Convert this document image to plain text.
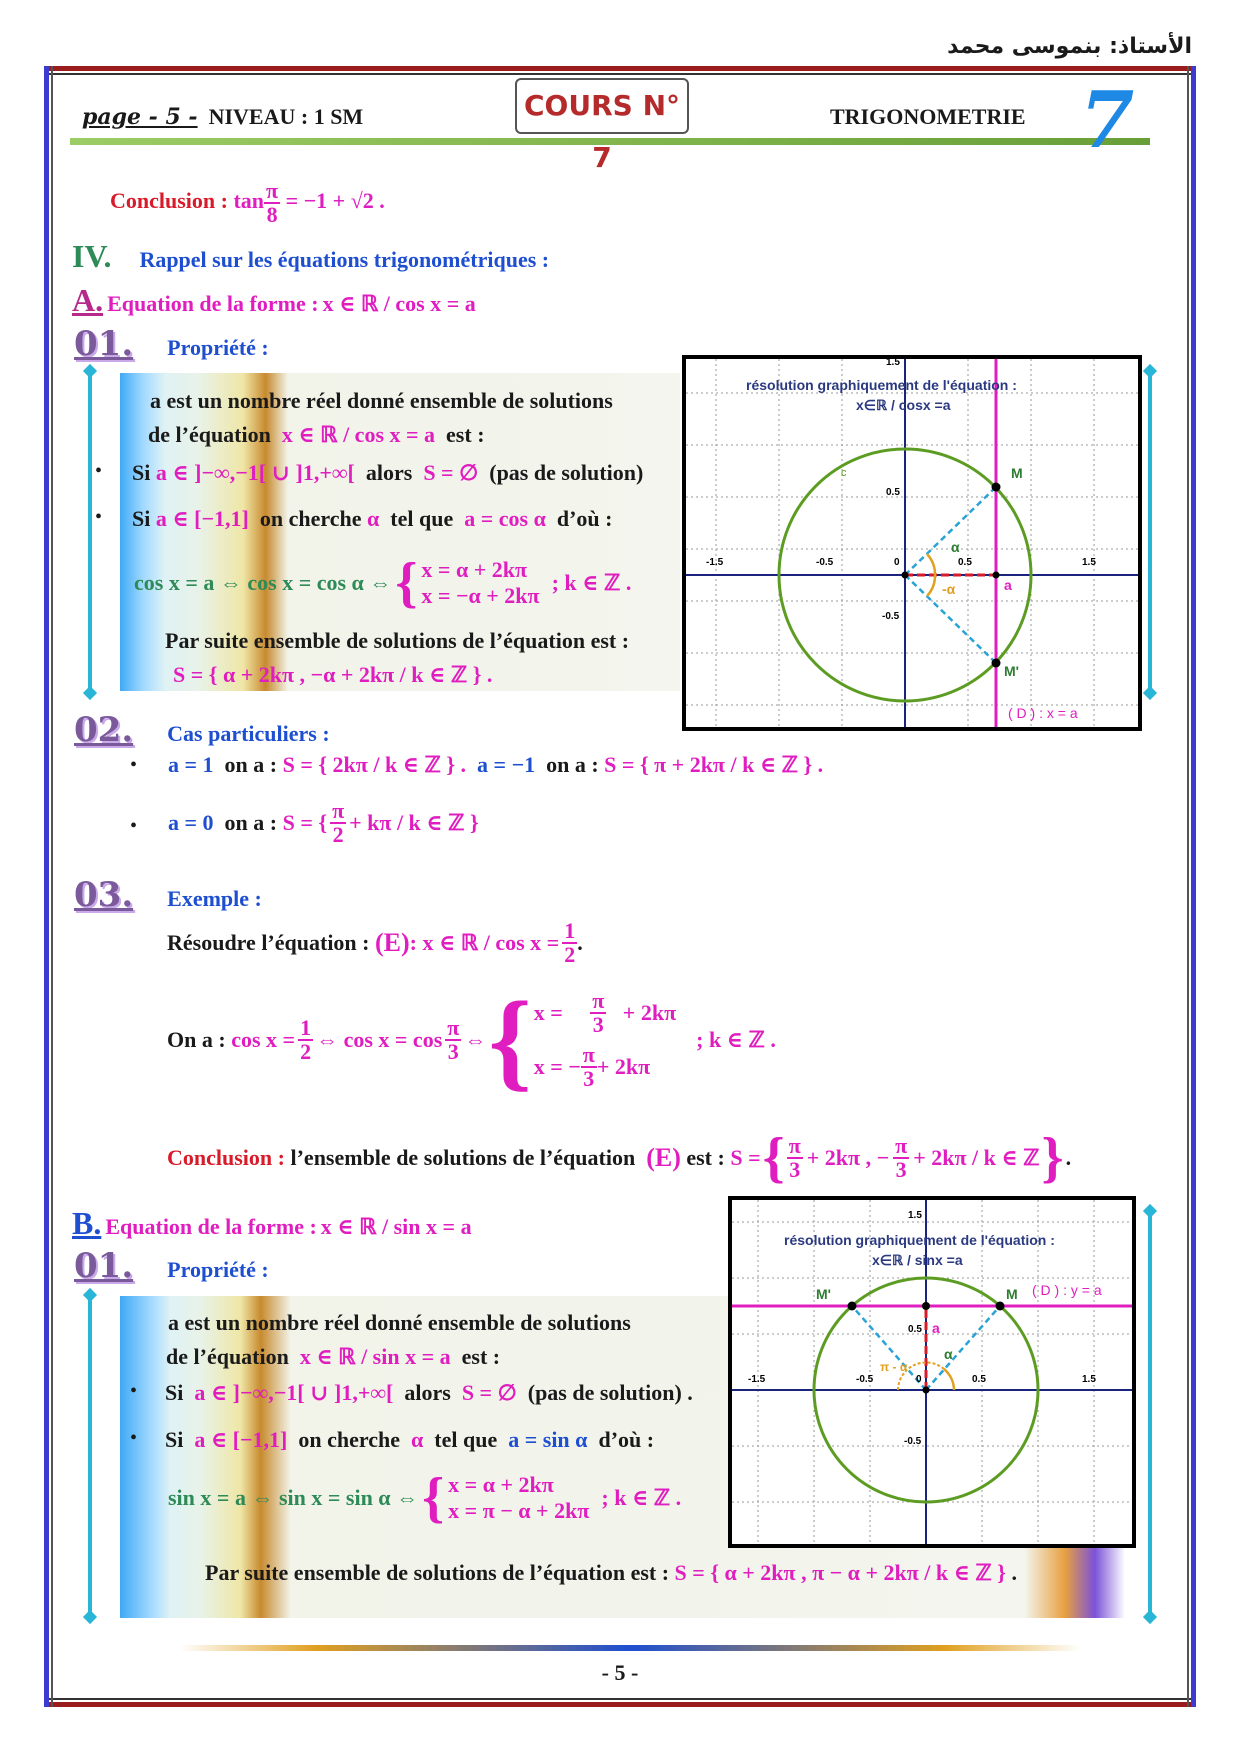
الأستاذ: بنموسى محمد
page - 5 - NIVEAU : 1 SM	COURS N° 7
TRIGONOMETRIE 7
Conclusion : $\tan \frac{\pi}{8} = -1 + √2$ .
IV. Rappel sur les équations trigonométriques :
A. Equation de la forme : x ∈ ℝ / cos x = a
01. Propriété :
a est un nombre réel donné ensemble de solutions
de l’équation x ∈ ℝ / cos x = a est :
• Si a ∈ ]−∞,−1[ ∪ ]1,+∞[ alors S = ∅ (pas de solution)
• Si a ∈ [−1,1] on cherche α tel que a = cos α d’où :
cos x = a ⇔ cos x = cos α ⇔ { x = α + 2kπ
x = −α + 2kπ
; k ∈ ℤ .
Par suite ensemble de solutions de l’équation est :
S = { α + 2kπ , −α + 2kπ / k ∈ ℤ } .
résolution graphiquement de l'équation :
x∈ℝ / cosx =a
M
M'
α
-α	a
( D ) : x = a
c
-1.5	-0.5	0	0.5	1.5
1.5
0.5
-0.5
02. Cas particuliers :
• a = 1 on a : S = { 2kπ / k ∈ ℤ } . a = −1 on a : S = { π + 2kπ / k ∈ ℤ } .
• a = 0
on a :
S = { $\frac{\pi}{2} + k\pi / k$ ∈ ℤ }
03. Exemple :
Résoudre l’équation :
(E) : x ∈ ℝ / $\cos x = \frac{1}{2}$ .
On a :
$\cos x = \frac{1}{2}$ ⇔ $\cos x = \cos \frac{\pi}{3}$ ⇔ { x =
$\frac{\pi}{3}$
+ 2kπ
x = − $\frac{\pi}{3} + 2k\pi$
; k ∈ ℤ .
Conclusion :
l’ensemble de solutions de l’équation
(E)
est :
S = { $\frac{\pi}{3} + 2k\pi$ , − $\frac{\pi}{3} + 2k\pi / k$ ∈ ℤ } .
B. Equation de la forme : x ∈ ℝ / sin x = a
01. Propriété :
a est un nombre réel donné ensemble de solutions
de l’équation x ∈ ℝ / sin x = a est :
• Si a ∈ ]−∞,−1[ ∪ ]1,+∞[ alors S = ∅ (pas de solution) .
• Si a ∈ [−1,1] on cherche α tel que a = sin α d’où :
sin x = a ⇔ sin x = sin α ⇔ { x = α + 2kπ
x = π − α + 2kπ
; k ∈ ℤ .
Par suite ensemble de solutions de l’équation est :
S = { α + 2kπ , π − α + 2kπ / k ∈ ℤ }
.
résolution graphiquement de l'équation :
x∈ℝ / sinx =a
M
M'
α
π - α
a
( D ) : y = a
-1.5	-0.5	0	0.5	1.5
1.5
0.5
-0.5
- 5 -
